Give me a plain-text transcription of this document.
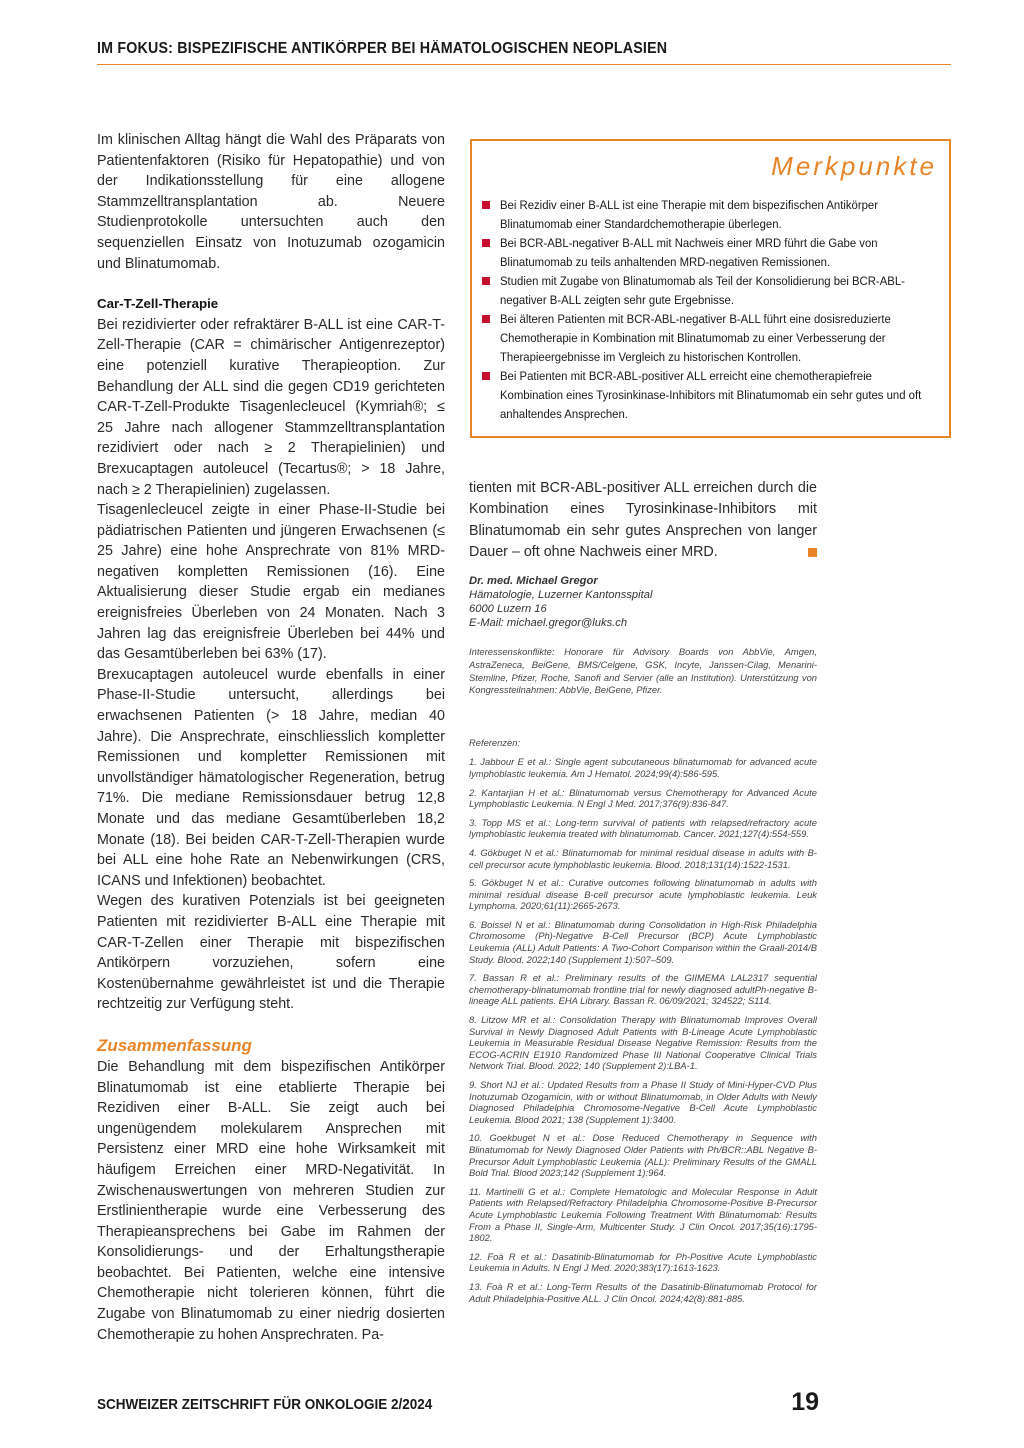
IM FOKUS: BISPEZIFISCHE ANTIKÖRPER BEI HÄMATOLOGISCHEN NEOPLASIEN

Im klinischen Alltag hängt die Wahl des Präparats von Patientenfaktoren (Risiko für Hepatopathie) und von der Indikationsstellung für eine allogene Stammzelltransplantation ab. Neuere Studienprotokolle untersuchten auch den sequenziellen Einsatz von Inotuzumab ozogamicin und Blinatumomab.

Car-T-Zell-Therapie

Bei rezidivierter oder refraktärer B-ALL ist eine CAR-T-Zell-Therapie (CAR = chimärischer Antigenrezeptor) eine potenziell kurative Therapieoption. Zur Behandlung der ALL sind die gegen CD19 gerichteten CAR-T-Zell-Produkte Tisagenlecleucel (Kymriah®; ≤ 25 Jahre nach allogener Stammzelltransplantation rezidiviert oder nach ≥ 2 Therapielinien) und Brexucaptagen autoleucel (Tecartus®; > 18 Jahre, nach ≥ 2 Therapielinien) zugelassen.

Tisagenlecleucel zeigte in einer Phase-II-Studie bei pädiatrischen Patienten und jüngeren Erwachsenen (≤ 25 Jahre) eine hohe Ansprechrate von 81% MRD-negativen kompletten Remissionen (16). Eine Aktualisierung dieser Studie ergab ein medianes ereignisfreies Überleben von 24 Monaten. Nach 3 Jahren lag das ereignisfreie Überleben bei 44% und das Gesamtüberleben bei 63% (17).

Brexucaptagen autoleucel wurde ebenfalls in einer Phase-II-Studie untersucht, allerdings bei erwachsenen Patienten (> 18 Jahre, median 40 Jahre). Die Ansprechrate, einschliesslich kompletter Remissionen und kompletter Remissionen mit unvollständiger hämatologischer Regeneration, betrug 71%. Die mediane Remissionsdauer betrug 12,8 Monate und das mediane Gesamtüberleben 18,2 Monate (18). Bei beiden CAR-T-Zell-Therapien wurde bei ALL eine hohe Rate an Nebenwirkungen (CRS, ICANS und Infektionen) beobachtet.

Wegen des kurativen Potenzials ist bei geeigneten Patienten mit rezidivierter B-ALL eine Therapie mit CAR-T-Zellen einer Therapie mit bispezifischen Antikörpern vorzuziehen, sofern eine Kostenübernahme gewährleistet ist und die Therapie rechtzeitig zur Verfügung steht.

Zusammenfassung

Die Behandlung mit dem bispezifischen Antikörper Blinatumomab ist eine etablierte Therapie bei Rezidiven einer B-ALL. Sie zeigt auch bei ungenügendem molekularem Ansprechen mit Persistenz einer MRD eine hohe Wirksamkeit mit häufigem Erreichen einer MRD-Negativität. In Zwischenauswertungen von mehreren Studien zur Erstlinientherapie wurde eine Verbesserung des Therapieansprechens bei Gabe im Rahmen der Konsolidierungs- und der Erhaltungstherapie beobachtet. Bei Patienten, welche eine intensive Chemotherapie nicht tolerieren können, führt die Zugabe von Blinatumomab zu einer niedrig dosierten Chemotherapie zu hohen Ansprechraten. Pa-

Merkpunkte
Bei Rezidiv einer B-ALL ist eine Therapie mit dem bispezifischen Antikörper Blinatumomab einer Standardchemotherapie überlegen.
Bei BCR-ABL-negativer B-ALL mit Nachweis einer MRD führt die Gabe von Blinatumomab zu teils anhaltenden MRD-negativen Remissionen.
Studien mit Zugabe von Blinatumomab als Teil der Konsolidierung bei BCR-ABL-negativer B-ALL zeigten sehr gute Ergebnisse.
Bei älteren Patienten mit BCR-ABL-negativer B-ALL führt eine dosisreduzierte Chemotherapie in Kombination mit Blinatumomab zu einer Verbesserung der Therapieergebnisse im Vergleich zu historischen Kontrollen.
Bei Patienten mit BCR-ABL-positiver ALL erreicht eine chemotherapiefreie Kombination eines Tyrosinkinase-Inhibitors mit Blinatumomab ein sehr gutes und oft anhaltendes Ansprechen.

tienten mit BCR-ABL-positiver ALL erreichen durch die Kombination eines Tyrosinkinase-Inhibitors mit Blinatumomab ein sehr gutes Ansprechen von langer Dauer – oft ohne Nachweis einer MRD.

Dr. med. Michael Gregor
Hämatologie, Luzerner Kantonsspital
6000 Luzern 16
E-Mail: michael.gregor@luks.ch

Interessenskonflikte: Honorare für Advisory Boards von AbbVie, Amgen, AstraZeneca, BeiGene, BMS/Celgene, GSK, Incyte, Janssen-Cilag, Menarini-Stemline, Pfizer, Roche, Sanofi and Servier (alle an Institution). Unterstützung von Kongressteilnahmen: AbbVie, BeiGene, Pfizer.

Referenzen:
1. Jabbour E et al.: Single agent subcutaneous blinatumomab for advanced acute lymphoblastic leukemia. Am J Hematol. 2024;99(4):586-595.
2. Kantarjian H et al.: Blinatumomab versus Chemotherapy for Advanced Acute Lymphoblastic Leukemia. N Engl J Med. 2017;376(9):836-847.
3. Topp MS et al.: Long-term survival of patients with relapsed/refractory acute lymphoblastic leukemia treated with blinatumomab. Cancer. 2021;127(4):554-559.
4. Gökbuget N et al.: Blinatumomab for minimal residual disease in adults with B-cell precursor acute lymphoblastic leukemia. Blood. 2018;131(14):1522-1531.
5. Gökbuget N et al.: Curative outcomes following blinatumomab in adults with minimal residual disease B-cell precursor acute lymphoblastic leukemia. Leuk Lymphoma. 2020;61(11):2665-2673.
6. Boissel N et al.: Blinatumomab during Consolidation in High-Risk Philadelphia Chromosome (Ph)-Negative B-Cell Precursor (BCP) Acute Lymphoblastic Leukemia (ALL) Adult Patients: A Two-Cohort Comparison within the Graall-2014/B Study. Blood. 2022;140 (Supplement 1):507–509.
7. Bassan R et al.: Preliminary results of the GIIMEMA LAL2317 sequential chemotherapy-blinatumomab frontline trial for newly diagnosed adultPh-negative B-lineage ALL patients. EHA Library. Bassan R. 06/09/2021; 324522; S114.
8. Litzow MR et al.: Consolidation Therapy with Blinatumomab Improves Overall Survival in Newly Diagnosed Adult Patients with B-Lineage Acute Lymphoblastic Leukemia in Measurable Residual Disease Negative Remission: Results from the ECOG-ACRIN E1910 Randomized Phase III National Cooperative Clinical Trials Network Trial. Blood. 2022; 140 (Supplement 2):LBA-1.
9. Short NJ et al.: Updated Results from a Phase II Study of Mini-Hyper-CVD Plus Inotuzumab Ozogamicin, with or without Blinatumomab, in Older Adults with Newly Diagnosed Philadelphia Chromosome-Negative B-Cell Acute Lymphoblastic Leukemia. Blood 2021; 138 (Supplement 1):3400.
10. Goekbuget N et al.: Dose Reduced Chemotherapy in Sequence with Blinatumomab for Newly Diagnosed Older Patients with Ph/BCR::ABL Negative B-Precursor Adult Lymphoblastic Leukemia (ALL): Preliminary Results of the GMALL Bold Trial. Blood 2023;142 (Supplement 1):964.
11. Martinelli G et al.: Complete Hematologic and Molecular Response in Adult Patients with Relapsed/Refractory Philadelphia Chromosome-Positive B-Precursor Acute Lymphoblastic Leukemia Following Treatment With Blinatumomab: Results From a Phase II, Single-Arm, Multicenter Study. J Clin Oncol. 2017;35(16):1795-1802.
12. Foà R et al.: Dasatinib-Blinatumomab for Ph-Positive Acute Lymphoblastic Leukemia in Adults. N Engl J Med. 2020;383(17):1613-1623.
13. Foà R et al.: Long-Term Results of the Dasatinib-Blinatumomab Protocol for Adult Philadelphia-Positive ALL. J Clin Oncol. 2024;42(8):881-885.
SCHWEIZER ZEITSCHRIFT FÜR ONKOLOGIE 2/2024	19
